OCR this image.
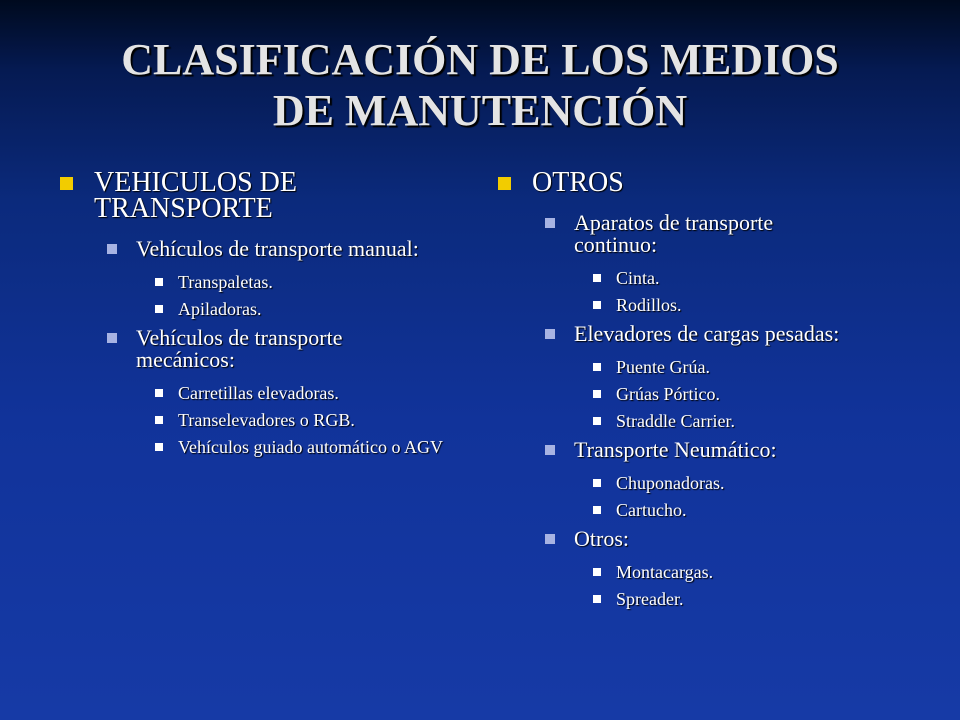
CLASIFICACIÓN DE LOS MEDIOS
DE MANUTENCIÓN
VEHICULOS DE TRANSPORTE
Vehículos de transporte manual:
Transpaletas.
Apiladoras.
Vehículos de transporte mecánicos:
Carretillas elevadoras.
Transelevadores o RGB.
Vehículos guiado automático o AGV
OTROS
Aparatos de transporte continuo:
Cinta.
Rodillos.
Elevadores de cargas pesadas:
Puente Grúa.
Grúas Pórtico.
Straddle Carrier.
Transporte Neumático:
Chuponadoras.
Cartucho.
Otros:
Montacargas.
Spreader.
